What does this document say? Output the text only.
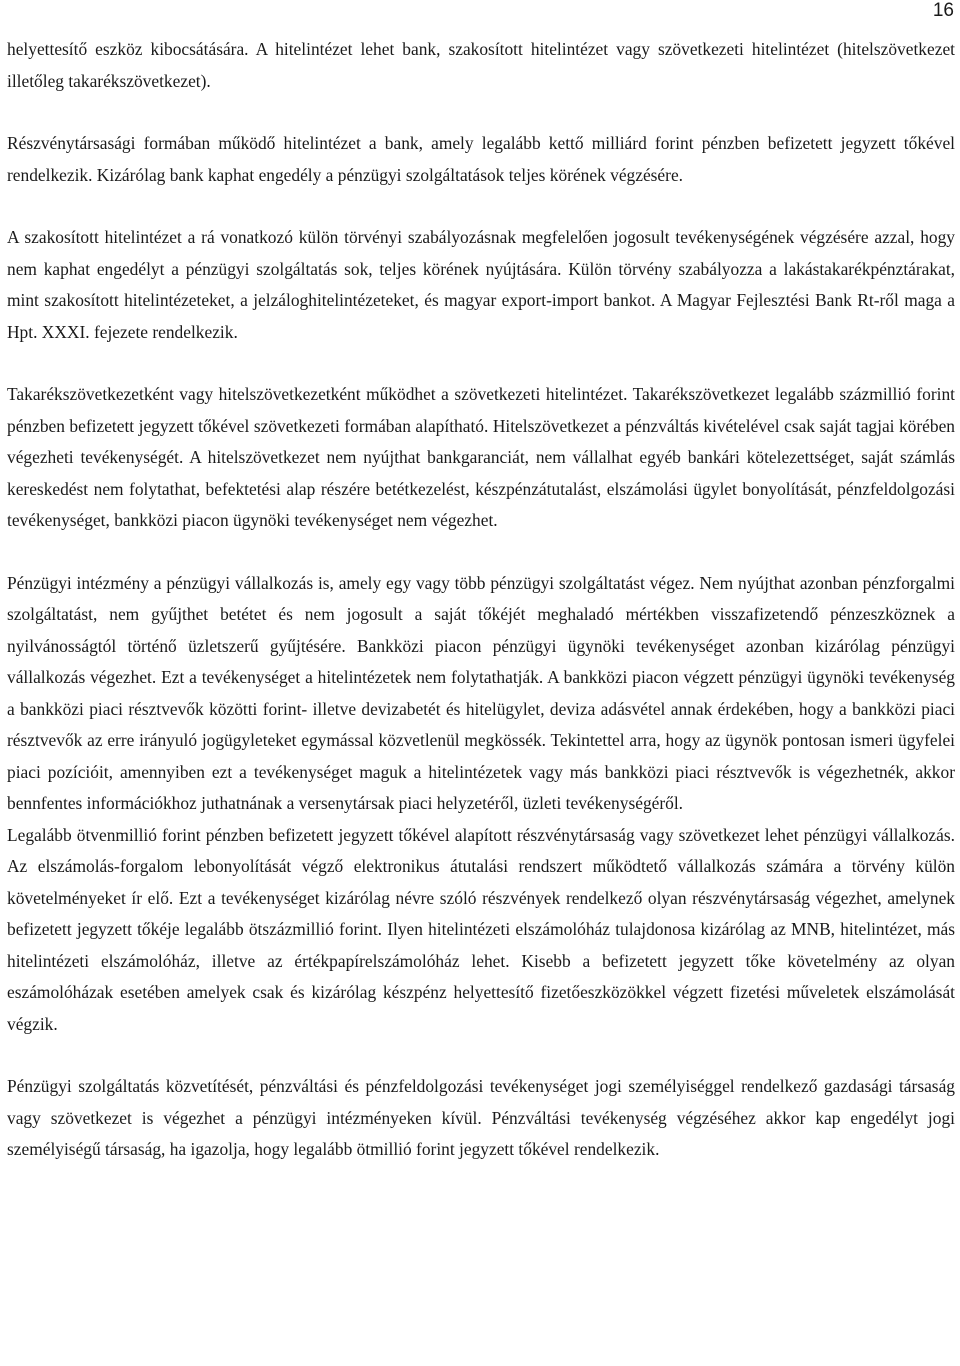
16

helyettesítő eszköz kibocsátására. A hitelintézet lehet bank, szakosított hitelintézet vagy szövetkezeti hitelintézet (hitelszövetkezet illetőleg takarékszövetkezet).

Részvénytársasági formában működő hitelintézet a bank, amely legalább kettő milliárd forint pénzben befizetett jegyzett tőkével rendelkezik. Kizárólag bank kaphat engedély a pénzügyi szolgáltatások teljes körének végzésére.

A szakosított hitelintézet a rá vonatkozó külön törvényi szabályozásnak megfelelően jogosult tevékenységének végzésére azzal, hogy nem kaphat engedélyt a pénzügyi szolgáltatás sok, teljes körének nyújtására. Külön törvény szabályozza a lakástakarékpénztárakat, mint szakosított hitelintézeteket, a jelzáloghitelintézeteket, és magyar export-import bankot. A Magyar Fejlesztési Bank Rt-ről maga a Hpt. XXXI. fejezete rendelkezik.

Takarékszövetkezetként vagy hitelszövetkezetként működhet a szövetkezeti hitelintézet. Takarékszövetkezet legalább százmillió forint pénzben befizetett jegyzett tőkével szövetkezeti formában alapítható. Hitelszövetkezet a pénzváltás kivételével csak saját tagjai körében végezheti tevékenységét. A hitelszövetkezet nem nyújthat bankgaranciát, nem vállalhat egyéb bankári kötelezettséget, saját számlás kereskedést nem folytathat, befektetési alap részére betétkezelést, készpénzátutalást, elszámolási ügylet bonyolítását, pénzfeldolgozási tevékenységet, bankközi piacon ügynöki tevékenységet nem végezhet.

Pénzügyi intézmény a pénzügyi vállalkozás is, amely egy vagy több pénzügyi szolgáltatást végez. Nem nyújthat azonban pénzforgalmi szolgáltatást, nem gyűjthet betétet és nem jogosult a saját tőkéjét meghaladó mértékben visszafizetendő pénzeszköznek a nyilvánosságtól történő üzletszerű gyűjtésére. Bankközi piacon pénzügyi ügynöki tevékenységet azonban kizárólag pénzügyi vállalkozás végezhet. Ezt a tevékenységet a hitelintézetek nem folytathatják. A bankközi piacon végzett pénzügyi ügynöki tevékenység a bankközi piaci résztvevők közötti forint- illetve devizabetét és hitelügylet, deviza adásvétel annak érdekében, hogy a bankközi piaci résztvevők az erre irányuló jogügyleteket egymással közvetlenül megkössék. Tekintettel arra, hogy az ügynök pontosan ismeri ügyfelei piaci pozícióit, amennyiben ezt a tevékenységet maguk a hitelintézetek vagy más bankközi piaci résztvevők is végezhetnék, akkor bennfentes információkhoz juthatnának a versenytársak piaci helyzetéről, üzleti tevékenységéről.

Legalább ötvenmillió forint pénzben befizetett jegyzett tőkével alapított részvénytársaság vagy szövetkezet lehet pénzügyi vállalkozás. Az elszámolás-forgalom lebonyolítását végző elektronikus átutalási rendszert működtető vállalkozás számára a törvény külön követelményeket ír elő. Ezt a tevékenységet kizárólag névre szóló részvények rendelkező olyan részvénytársaság végezhet, amelynek befizetett jegyzett tőkéje legalább ötszázmillió forint. Ilyen hitelintézeti elszámolóház tulajdonosa kizárólag az MNB, hitelintézet, más hitelintézeti elszámolóház, illetve az értékpapírelszámolóház lehet. Kisebb a befizetett jegyzett tőke követelmény az olyan eszámolóházak esetében amelyek csak és kizárólag készpénz helyettesítő fizetőeszközökkel végzett fizetési műveletek elszámolását végzik.

Pénzügyi szolgáltatás közvetítését, pénzváltási és pénzfeldolgozási tevékenységet jogi személyiséggel rendelkező gazdasági társaság vagy szövetkezet is végezhet a pénzügyi intézményeken kívül. Pénzváltási tevékenység végzéséhez akkor kap engedélyt jogi személyiségű társaság, ha igazolja, hogy legalább ötmillió forint jegyzett tőkével rendelkezik.
